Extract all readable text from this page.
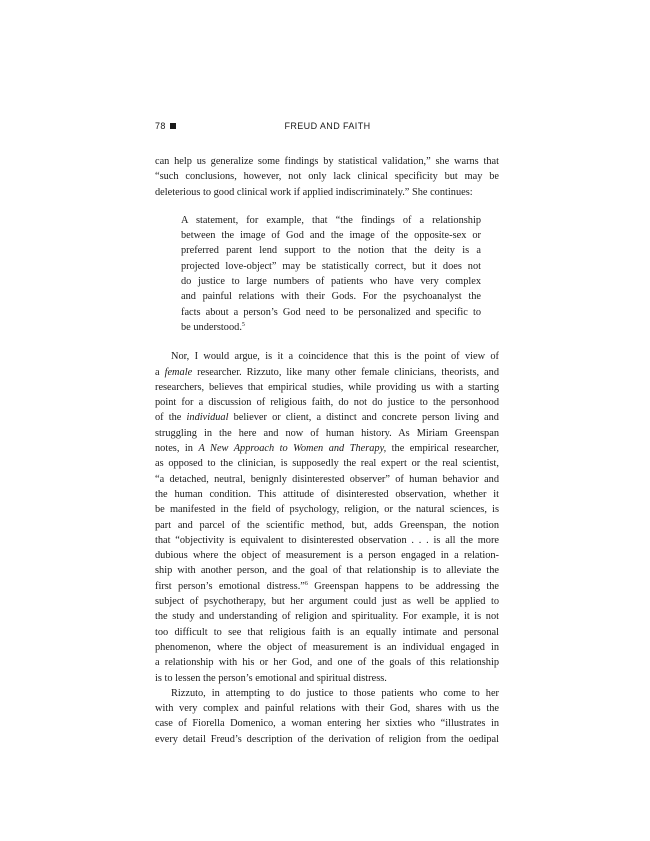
78	FREUD AND FAITH

can help us generalize some findings by statistical validation,” she warns that
“such conclusions, however, not only lack clinical specificity but may be
deleterious to good clinical work if applied indiscriminately.” She continues:

A statement, for example, that “the findings of a relationship
between the image of God and the image of the opposite-sex or
preferred parent lend support to the notion that the deity is a
projected love-object” may be statistically correct, but it does not
do justice to large numbers of patients who have very complex
and painful relations with their Gods. For the psychoanalyst the
facts about a person’s God need to be personalized and specific to
be understood.$^5$

Nor, I would argue, is it a coincidence that this is the point of view of
a female researcher. Rizzuto, like many other female clinicians, theorists, and
researchers, believes that empirical studies, while providing us with a starting
point for a discussion of religious faith, do not do justice to the personhood
of the individual believer or client, a distinct and concrete person living and
struggling in the here and now of human history. As Miriam Greenspan
notes, in A New Approach to Women and Therapy, the empirical researcher,
as opposed to the clinician, is supposedly the real expert or the real scientist,
“a detached, neutral, benignly disinterested observer” of human behavior and
the human condition. This attitude of disinterested observation, whether it
be manifested in the field of psychology, religion, or the natural sciences, is
part and parcel of the scientific method, but, adds Greenspan, the notion
that “objectivity is equivalent to disinterested observation . . . is all the more
dubious where the object of measurement is a person engaged in a relation-
ship with another person, and the goal of that relationship is to alleviate the
first person’s emotional distress.”$^6$ Greenspan happens to be addressing the
subject of psychotherapy, but her argument could just as well be applied to
the study and understanding of religion and spirituality. For example, it is not
too difficult to see that religious faith is an equally intimate and personal
phenomenon, where the object of measurement is an individual engaged in
a relationship with his or her God, and one of the goals of this relationship
is to lessen the person’s emotional and spiritual distress.

Rizzuto, in attempting to do justice to those patients who come to her
with very complex and painful relations with their God, shares with us the
case of Fiorella Domenico, a woman entering her sixties who “illustrates in
every detail Freud’s description of the derivation of religion from the oedipal
